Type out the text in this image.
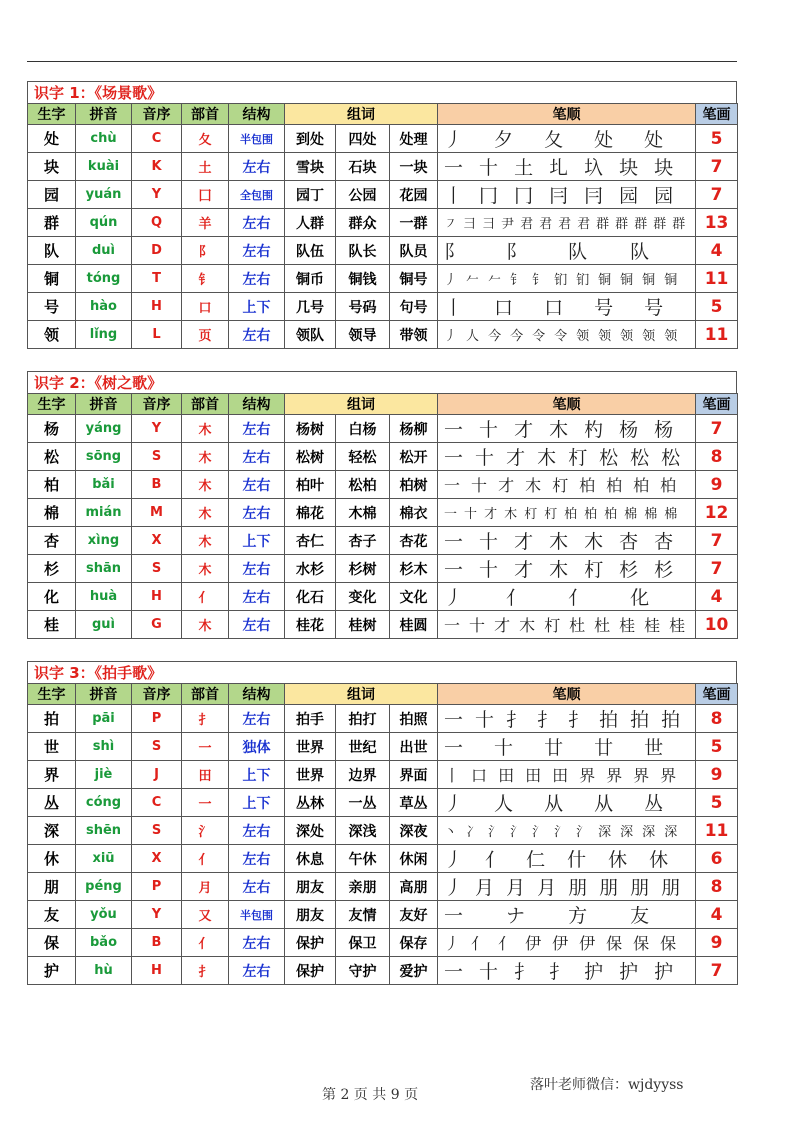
识字 1：《场景歌》
生字	拼音	音序	部首	结构	组词			笔顺	笔画
处	chù	C	夂	半包围	到处	四处	处理	丿 夕 夂 处 处	5
块	kuài	K	土	左右	雪块	石块	一块	一 十 土 圠 圦 块 块	7
园	yuán	Y	囗	全包围	园丁	公园	花园	丨 冂 冂 冃 冃 园 园	7
群	qún	Q	羊	左右	人群	群众	一群	㇇ ⺕ ⺕ 尹 君 君 君 君 群 群 群 群 群	13
队	duì	D	阝	左右	队伍	队长	队员	阝 阝 队 队	4
铜	tóng	T	钅	左右	铜币	铜钱	铜号	丿 𠂉 𠂉 钅 钅 钔 钔 铜 铜 铜 铜	11
号	hào	H	口	上下	几号	号码	句号	丨 口 口 号 号	5
领	lǐng	L	页	左右	领队	领导	带领	丿 人 今 今 令 令 领 领 领 领 领	11
识字 2：《树之歌》
生字	拼音	音序	部首	结构	组词			笔顺	笔画
杨	yáng	Y	木	左右	杨树	白杨	杨柳	一 十 才 木 杓 杨 杨	7
松	sōng	S	木	左右	松树	轻松	松开	一 十 才 木 朾 松 松 松	8
柏	bǎi	B	木	左右	柏叶	松柏	柏树	一 十 才 木 朾 柏 柏 柏 柏	9
棉	mián	M	木	左右	棉花	木棉	棉衣	一 十 才 木 朾 朾 柏 柏 柏 棉 棉 棉	12
杏	xìng	X	木	上下	杏仁	杏子	杏花	一 十 才 木 木 杏 杏	7
杉	shān	S	木	左右	水杉	杉树	杉木	一 十 才 木 朾 杉 杉	7
化	huà	H	亻	左右	化石	变化	文化	丿 亻 亻 化	4
桂	guì	G	木	左右	桂花	桂树	桂圆	一 十 才 木 朾 杜 杜 桂 桂 桂	10
识字 3：《拍手歌》
生字	拼音	音序	部首	结构	组词			笔顺	笔画
拍	pāi	P	扌	左右	拍手	拍打	拍照	一 十 扌 扌 扌 拍 拍 拍	8
世	shì	S	一	独体	世界	世纪	出世	一 十 廿 廿 世	5
界	jiè	J	田	上下	世界	边界	界面	丨 口 田 田 田 界 界 界 界	9
丛	cóng	C	一	上下	丛林	一丛	草丛	丿 人 从 从 丛	5
深	shēn	S	氵	左右	深处	深浅	深夜	丶 冫 氵 氵 氵 氵 氵 深 深 深 深	11
休	xiū	X	亻	左右	休息	午休	休闲	丿 亻 仁 什 休 休	6
朋	péng	P	月	左右	朋友	亲朋	高朋	丿 月 月 月 朋 朋 朋 朋	8
友	yǒu	Y	又	半包围	朋友	友情	友好	一 ナ 方 友	4
保	bǎo	B	亻	左右	保护	保卫	保存	丿 亻 亻 伊 伊 伊 保 保 保	9
护	hù	H	扌	左右	保护	守护	爱护	一 十 扌 扌 护 护 护	7
第 2 页 共 9 页
落叶老师微信：wjdyyss
